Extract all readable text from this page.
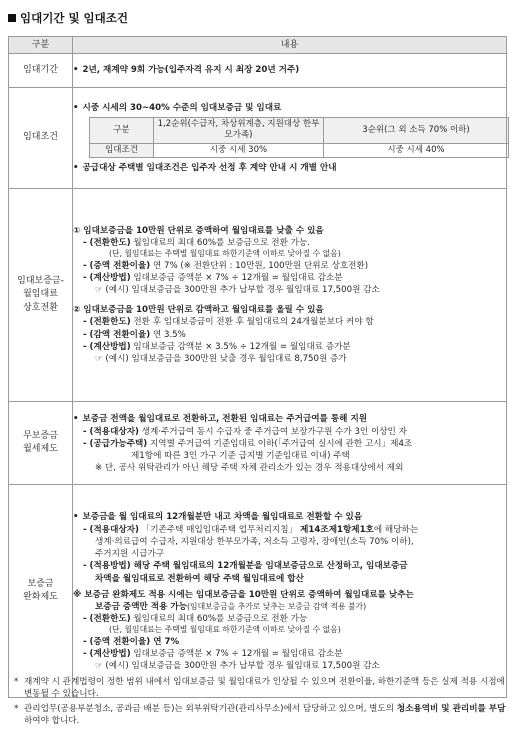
임대기간 및 임대조건
구분	내용
임대기간	
•2년, 재계약 9회 가능(입주자격 유지 시 최장 20년 거주)

임대조건	
• 시중 시세의 30~40% 수준의 임대보증금 및 임대료
구분	1,2순위(수급자, 차상위계층, 지원대상 한부모가족)	3순위(그 외 소득 70% 이하)
임대조건	시중 시세 30%	시중 시세 40%
• 공급대상 주택별 임대조건은 입주자 선정 후 계약 안내 시 개별 안내

임대보증금-
월임대료
상호전환

① 임대보증금을 10만원 단위로 증액하여 월임대료를 낮출 수 있음
- (전환한도) 월임대료의 최대 60%를 보증금으로 전환 가능.
(단, 월임대료는 주택별 월임대료 하한기준액 이하로 낮아질 수 없음)
- (증액 전환이율) 연 7% (※ 전환단위 : 10만원, 100만원 단위로 상호전환)
- (계산방법) 임대보증금 증액분 × 7% ÷ 12개월 = 월임대료 감소분
☞ (예시) 임대보증금을 300만원 추가 납부할 경우 월임대료 17,500원 감소
② 임대보증금을 10만원 단위로 감액하고 월임대료를 올릴 수 있음
- (전환한도) 전환 후 임대보증금이 전환 후 월임대료의 24개월분보다 커야 함
- (감액 전환이율) 연 3.5%
- (계산방법) 임대보증금 감액분 × 3.5% ÷ 12개월 = 월임대료 증가분
☞ (예시) 임대보증금을 300만원 낮출 경우 월임대료 8,750원 증가

무보증금
월세제도

• 보증금 전액을 월임대료로 전환하고, 전환된 임대료는 주거급여를 통해 지원
- (적용대상자) 생계·주거급여 동시 수급자 중 주거급여 보장가구원 수가 3인 이상인 자
- (공급가능주택) 지역별 주거급여 기준임대료 이하(「주거급여 실시에 관한 고시」제4조
제1항에 따른 3인 가구 기준 급지별 기준임대료 이내) 주택
※ 단, 공사 위탁관리가 아닌 해당 주택 자체 관리소가 있는 경우 적용대상에서 제외

보증금
완화제도

• 보증금을 월 임대료의 12개월분만 내고 차액을 월임대료로 전환할 수 있음
- (적용대상자) 「기존주택 매입임대주택 업무처리지침」 제14조제1항제1호에 해당하는
생계·의료급여 수급자, 지원대상 한부모가족, 저소득 고령자, 장애인(소득 70% 이하),
주거지원 시급가구
- (적용방법) 해당 주택 월임대료의 12개월분을 임대보증금으로 산정하고, 임대보증금
차액을 월임대료로 전환하여 해당 주택 월임대료에 합산
※ 보증금 완화제도 적용 시에는 임대보증금을 10만원 단위로 증액하여 월임대료를 낮추는
보증금 증액만 적용 가능(임대보증금을 추가로 낮추는 보증금 감액 적용 불가)
- (전환한도) 월임대료의 최대 60%를 보증금으로 전환 가능
(단, 월임대료는 주택별 월임대료 하한기준액 이하로 낮아질 수 없음)
- (증액 전환이율) 연 7%
- (계산방법) 임대보증금 증액분 × 7% ÷ 12개월 = 월임대료 감소분
☞ (예시) 임대보증금을 300만원 추가 납부할 경우 월임대료 17,500원 감소
* 재계약 시 관계법령이 정한 범위 내에서 임대보증금 및 월임대료가 인상될 수 있으며 전환이율, 하한기준액 등은 실제 적용 시점에 변동될 수 있습니다.
* 관리업무(공용부분청소, 공과금 배분 등)는 외부위탁기관(관리사무소)에서 담당하고 있으며, 별도의 청소용역비 및 관리비를 부담하여야 합니다.
